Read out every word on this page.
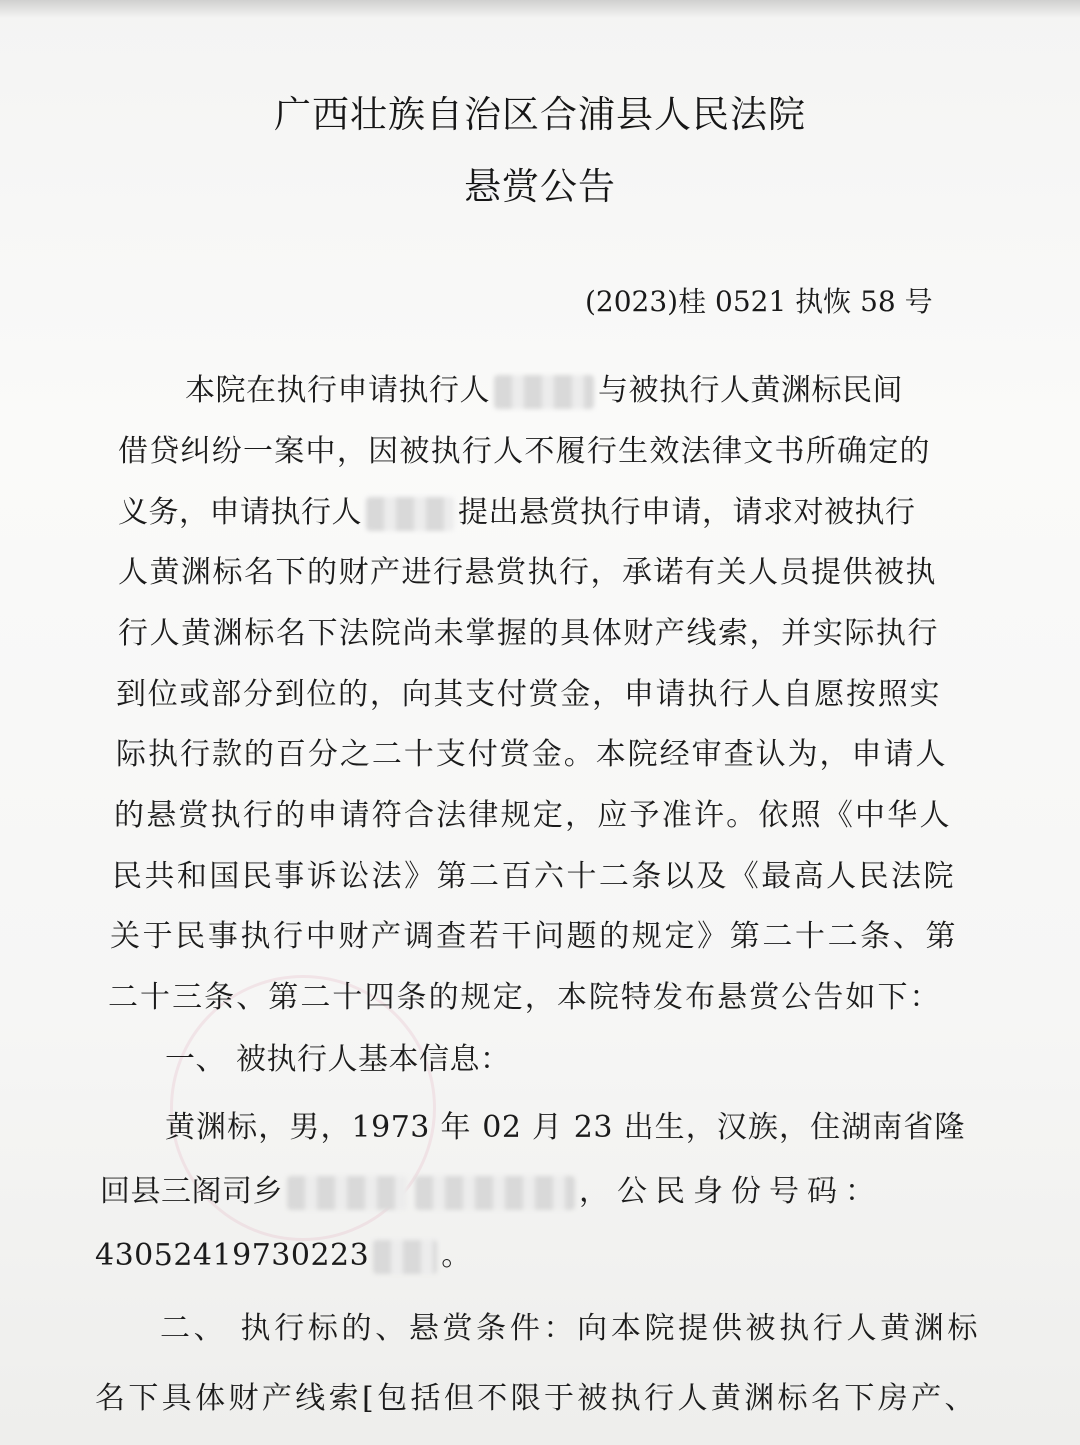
广西壮族自治区合浦县人民法院
悬赏公告
(2023)桂 0521 执恢 58 号
本院在执行申请执行人	与被执行人黄渊标民间
借贷纠纷一案中，因被执行人不履行生效法律文书所确定的
义务，申请执行人	提出悬赏执行申请，请求对被执行
人黄渊标名下的财产进行悬赏执行，承诺有关人员提供被执
行人黄渊标名下法院尚未掌握的具体财产线索，并实际执行
到位或部分到位的，向其支付赏金，申请执行人自愿按照实
际执行款的百分之二十支付赏金。本院经审查认为，申请人
的悬赏执行的申请符合法律规定，应予准许。依照《中华人
民共和国民事诉讼法》第二百六十二条以及《最高人民法院
关于民事执行中财产调查若干问题的规定》第二十二条、第
二十三条、第二十四条的规定，本院特发布悬赏公告如下：
一、 被执行人基本信息：
黄渊标，男，1973 年 02 月 23 出生，汉族，住湖南省隆
回县三阁司乡	，公民身份号码：
43052419730223 。
二、 执行标的、悬赏条件：向本院提供被执行人黄渊标
名下具体财产线索[包括但不限于被执行人黄渊标名下房产、
